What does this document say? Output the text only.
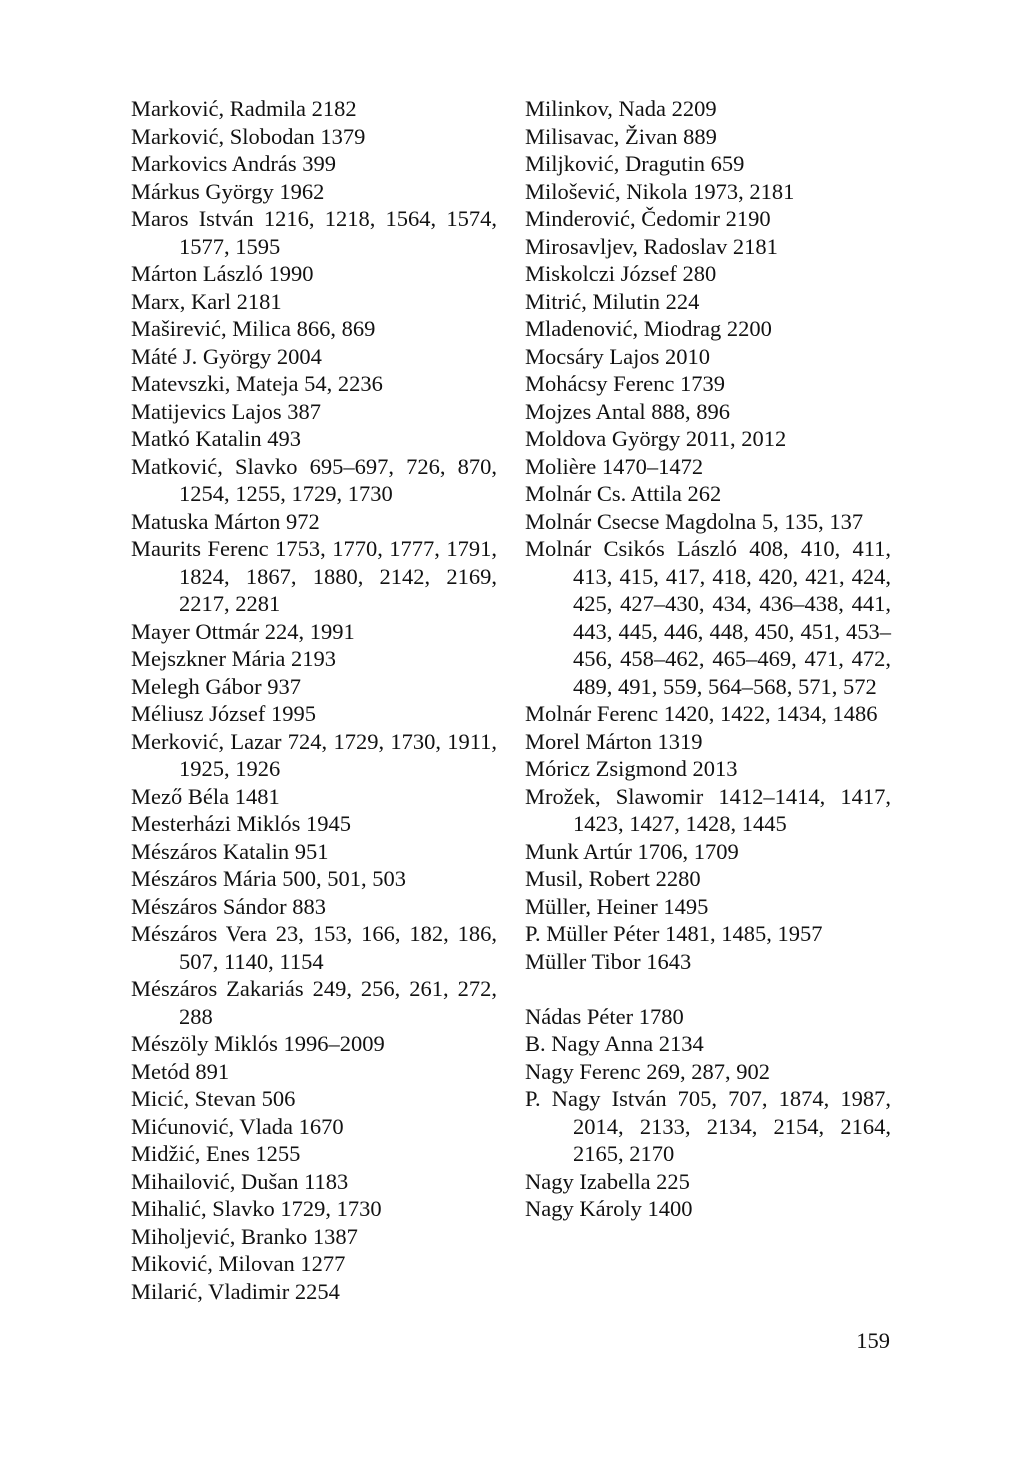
Marković, Radmila 2182
Marković, Slobodan 1379
Markovics András 399
Márkus György 1962
Maros István 1216, 1218, 1564, 1574, 1577, 1595
Márton László 1990
Marx, Karl 2181
Maširević, Milica 866, 869
Máté J. György 2004
Matevszki, Mateja 54, 2236
Matijevics Lajos 387
Matkó Katalin 493
Matković, Slavko 695–697, 726, 870, 1254, 1255, 1729, 1730
Matuska Márton 972
Maurits Ferenc 1753, 1770, 1777, 1791, 1824, 1867, 1880, 2142, 2169, 2217, 2281
Mayer Ottmár 224, 1991
Mejszkner Mária 2193
Melegh Gábor 937
Méliusz József 1995
Merković, Lazar 724, 1729, 1730, 1911, 1925, 1926
Mező Béla 1481
Mesterházi Miklós 1945
Mészáros Katalin 951
Mészáros Mária 500, 501, 503
Mészáros Sándor 883
Mészáros Vera 23, 153, 166, 182, 186, 507, 1140, 1154
Mészáros Zakariás 249, 256, 261, 272, 288
Mészöly Miklós 1996–2009
Metód 891
Micić, Stevan 506
Mićunović, Vlada 1670
Midžić, Enes 1255
Mihailović, Dušan 1183
Mihalić, Slavko 1729, 1730
Miholjević, Branko 1387
Miković, Milovan 1277
Milarić, Vladimir 2254
Milinkov, Nada 2209
Milisavac, Živan 889
Miljković, Dragutin 659
Milošević, Nikola 1973, 2181
Minderović, Čedomir 2190
Mirosavljev, Radoslav 2181
Miskolczi József 280
Mitrić, Milutin 224
Mladenović, Miodrag 2200
Mocsáry Lajos 2010
Mohácsy Ferenc 1739
Mojzes Antal 888, 896
Moldova György 2011, 2012
Molière 1470–1472
Molnár Cs. Attila 262
Molnár Csecse Magdolna 5, 135, 137
Molnár Csikós László 408, 410, 411, 413, 415, 417, 418, 420, 421, 424, 425, 427–430, 434, 436–438, 441, 443, 445, 446, 448, 450, 451, 453–456, 458–462, 465–469, 471, 472, 489, 491, 559, 564–568, 571, 572
Molnár Ferenc 1420, 1422, 1434, 1486
Morel Márton 1319
Móricz Zsigmond 2013
Mrožek, Slawomir 1412–1414, 1417, 1423, 1427, 1428, 1445
Munk Artúr 1706, 1709
Musil, Robert 2280
Müller, Heiner 1495
P. Müller Péter 1481, 1485, 1957
Müller Tibor 1643
Nádas Péter 1780
B. Nagy Anna 2134
Nagy Ferenc 269, 287, 902
P. Nagy István 705, 707, 1874, 1987, 2014, 2133, 2134, 2154, 2164, 2165, 2170
Nagy Izabella 225
Nagy Károly 1400
159
